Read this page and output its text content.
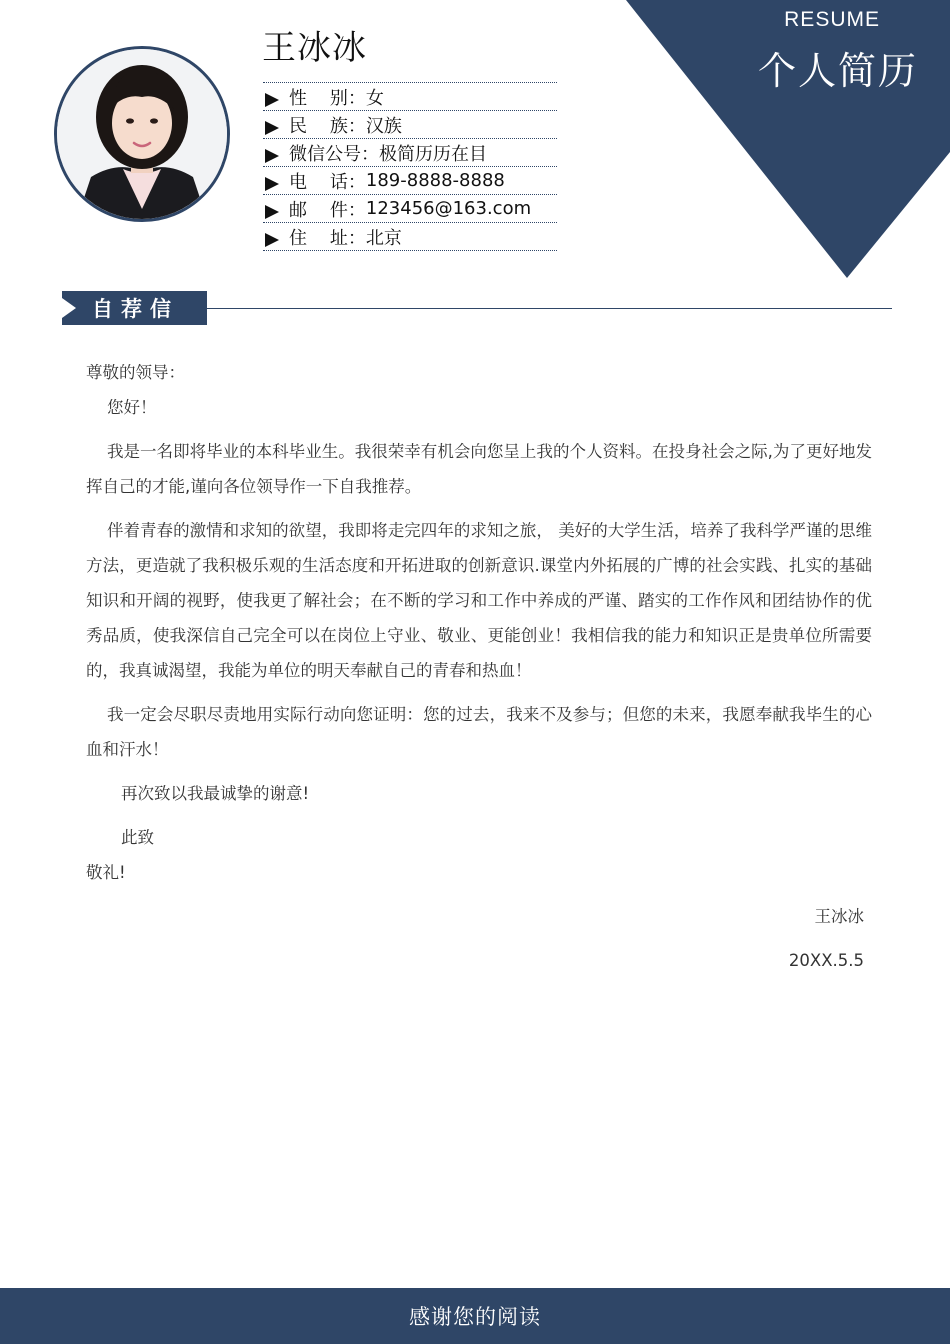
RESUME
个人简历
王冰冰
性    别： 女
民    族： 汉族
微信公号： 极简历历在目
电    话： 189-8888-8888
邮    件： 123456@163.com
住    址： 北京
自荐信

尊敬的领导：

您好！

我是一名即将毕业的本科毕业生。我很荣幸有机会向您呈上我的个人资料。在投身社会之际,为了更好地发挥自己的才能,谨向各位领导作一下自我推荐。

伴着青春的激情和求知的欲望，我即将走完四年的求知之旅， 美好的大学生活，培养了我科学严谨的思维方法，更造就了我积极乐观的生活态度和开拓进取的创新意识.课堂内外拓展的广博的社会实践、扎实的基础知识和开阔的视野，使我更了解社会；在不断的学习和工作中养成的严谨、踏实的工作作风和团结协作的优秀品质，使我深信自己完全可以在岗位上守业、敬业、更能创业！我相信我的能力和知识正是贵单位所需要的，我真诚渴望，我能为单位的明天奉献自己的青春和热血！

我一定会尽职尽责地用实际行动向您证明：您的过去，我来不及参与；但您的未来，我愿奉献我毕生的心血和汗水！

再次致以我最诚挚的谢意!

此致

敬礼!

王冰冰

20XX.5.5

感谢您的阅读
